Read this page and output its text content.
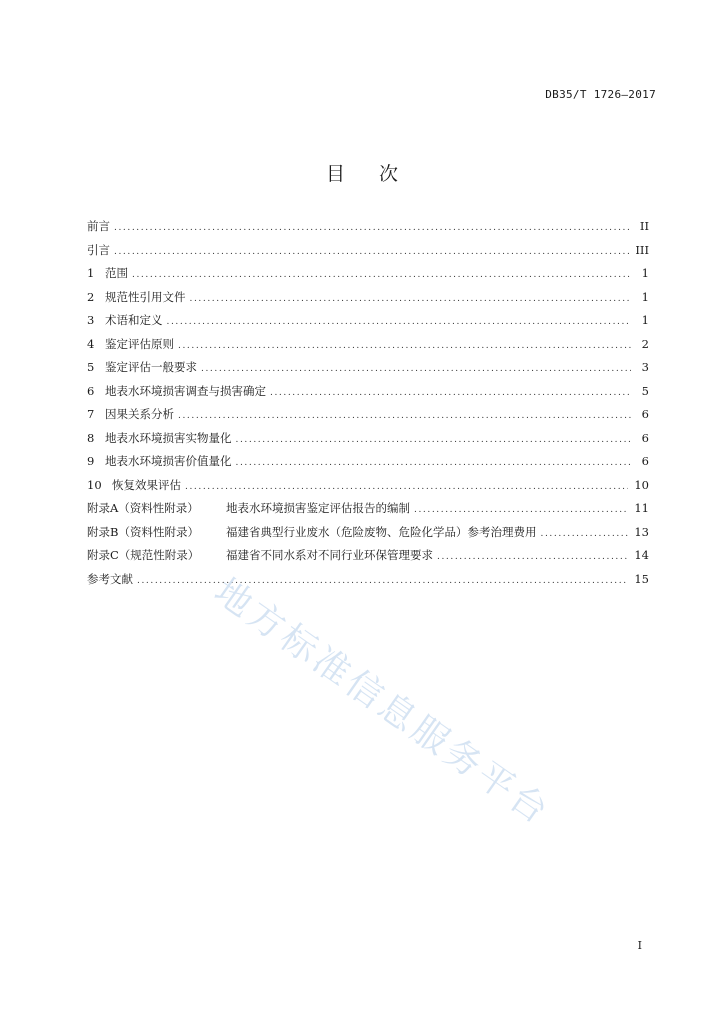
DB35/T 1726—2017
目 次
前言 .....	II
引言 .....	III
1 范围 .....	1
2 规范性引用文件 .....	1
3 术语和定义 .....	1
4 鉴定评估原则 .....	2
5 鉴定评估一般要求 .....	3
6 地表水环境损害调查与损害确定 .....	5
7 因果关系分析 .....	6
8 地表水环境损害实物量化 .....	6
9 地表水环境损害价值量化 .....	6
10 恢复效果评估 .....	10
附录A（资料性附录）	地表水环境损害鉴定评估报告的编制 .....	11
附录B（资料性附录）	福建省典型行业废水（危险废物、危险化学品）参考治理费用 .....	13
附录C（规范性附录）	福建省不同水系对不同行业环保管理要求 .....	14
参考文献 .....	15
地方标准信息服务平台
I
